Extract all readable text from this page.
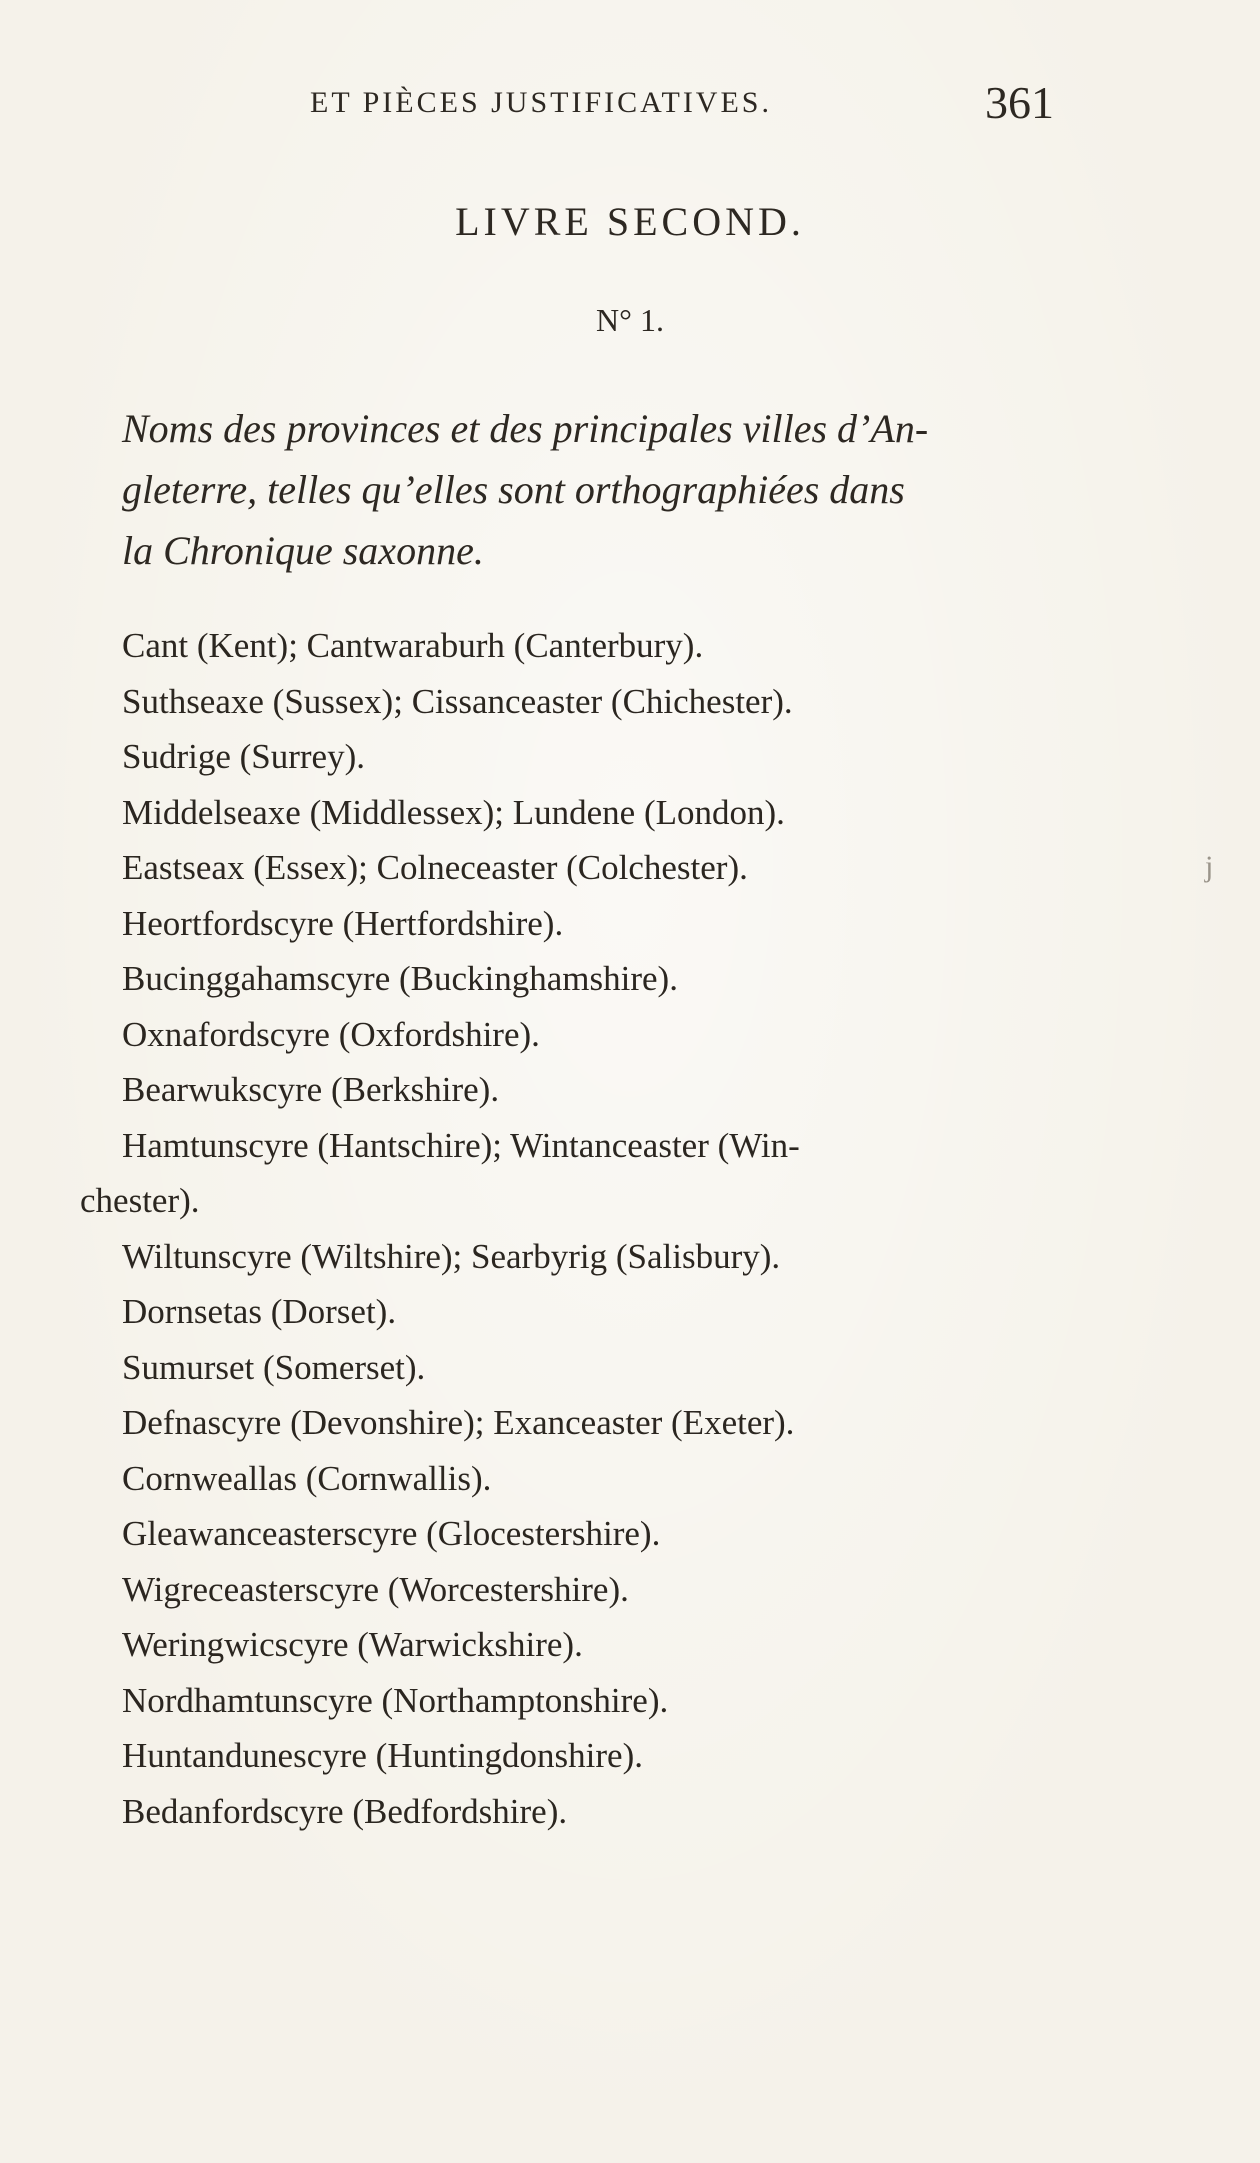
ET PIÈCES JUSTIFICATIVES.	361
LIVRE SECOND.
N° 1.

Noms des provinces et des principales villes d’An-
gleterre, telles qu’elles sont orthographiées dans
la Chronique saxonne.

Cant (Kent); Cantwaraburh (Canterbury).
Suthseaxe (Sussex); Cissanceaster (Chichester).
Sudrige (Surrey).
Middelseaxe (Middlessex); Lundene (London).
Eastseax (Essex); Colneceaster (Colchester).
Heortfordscyre (Hertfordshire).
Bucinggahamscyre (Buckinghamshire).
Oxnafordscyre (Oxfordshire).
Bearwukscyre (Berkshire).
Hamtunscyre (Hantschire); Wintanceaster (Win-
chester).
Wiltunscyre (Wiltshire); Searbyrig (Salisbury).
Dornsetas (Dorset).
Sumurset (Somerset).
Defnascyre (Devonshire); Exanceaster (Exeter).
Cornweallas (Cornwallis).
Gleawanceasterscyre (Glocestershire).
Wigreceasterscyre (Worcestershire).
Weringwicscyre (Warwickshire).
Nordhamtunscyre (Northamptonshire).
Huntandunescyre (Huntingdonshire).
Bedanfordscyre (Bedfordshire).
j
